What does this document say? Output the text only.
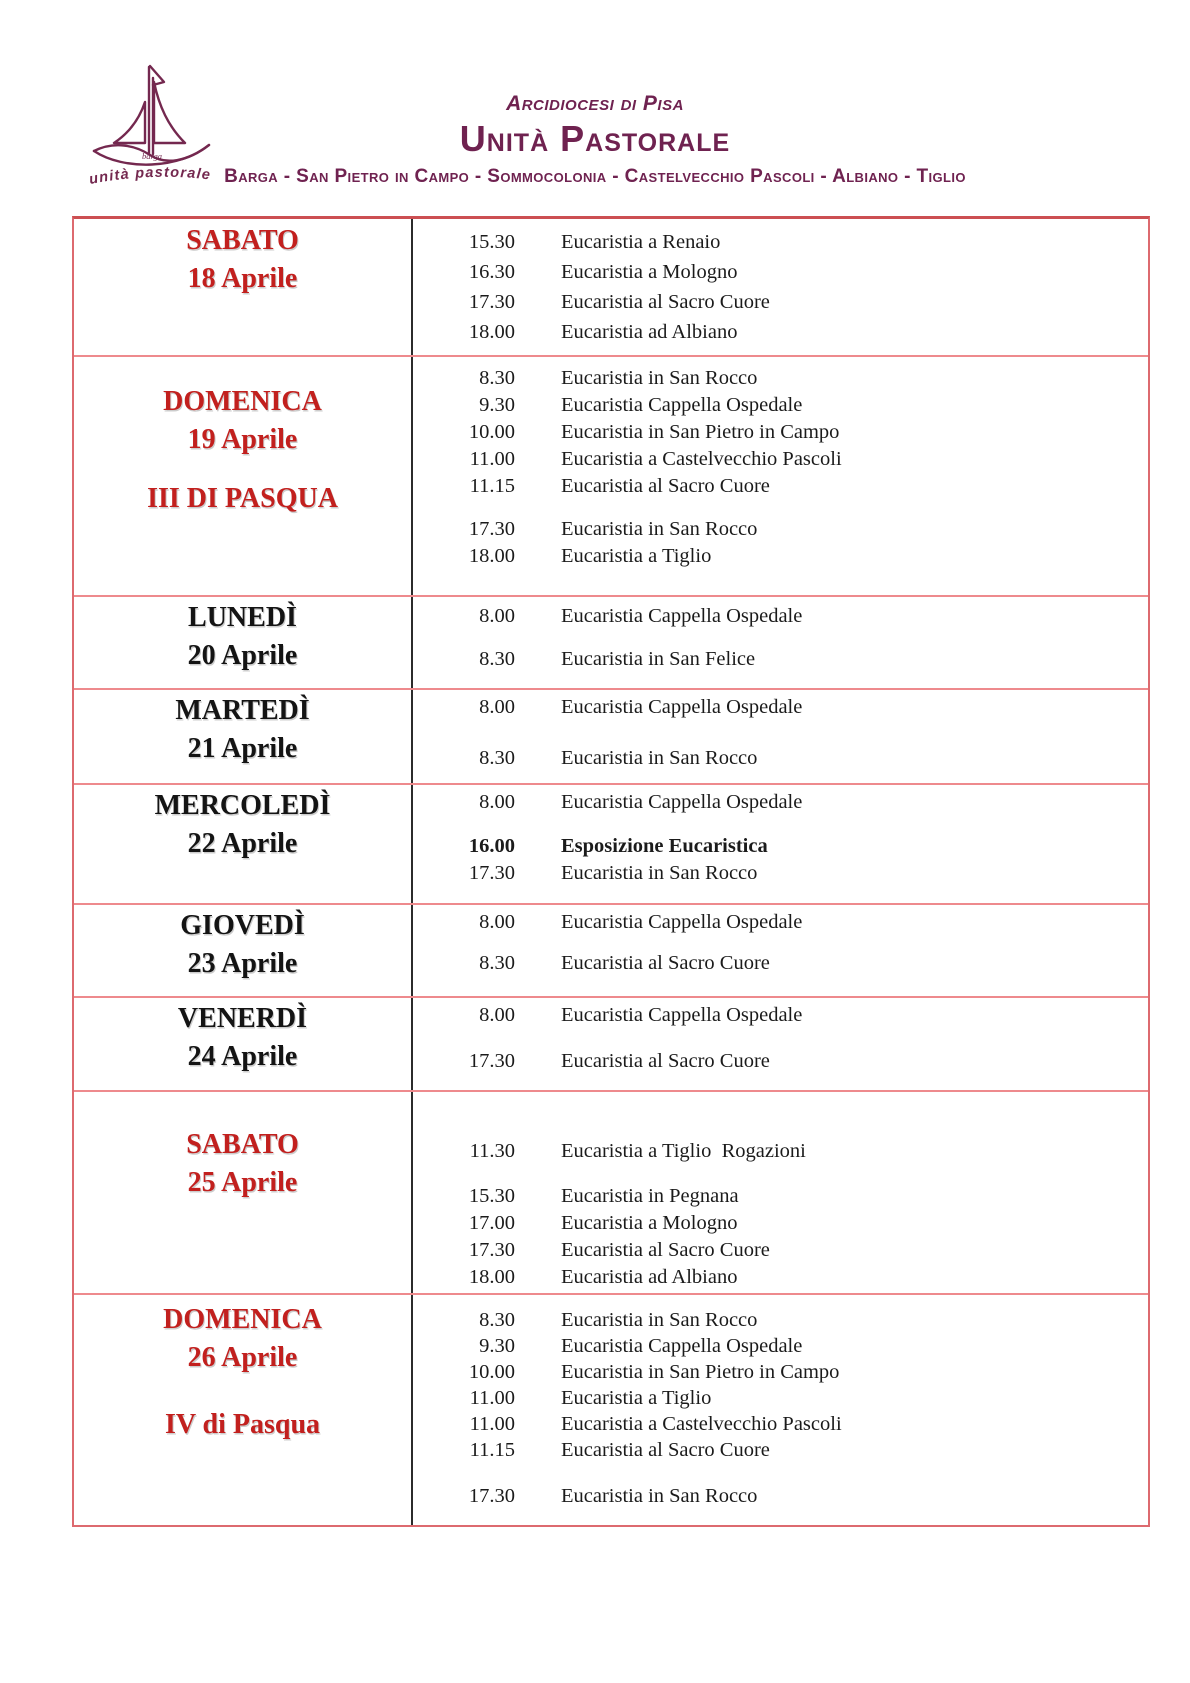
barga
unità pastorale
Arcidiocesi di Pisa
Unità Pastorale
Barga - San Pietro in Campo - Sommocolonia - Castelvecchio Pascoli - Albiano - Tiglio
SABATO
18 Aprile
15.30 Eucaristia a Renaio
16.30 Eucaristia a Mologno
17.30 Eucaristia al Sacro Cuore
18.00 Eucaristia ad Albiano
DOMENICA
19 Aprile
III DI PASQUA
8.30 Eucaristia in San Rocco
9.30 Eucaristia Cappella Ospedale
10.00 Eucaristia in San Pietro in Campo
11.00 Eucaristia a Castelvecchio Pascoli
11.15 Eucaristia al Sacro Cuore
17.30 Eucaristia in San Rocco
18.00 Eucaristia a Tiglio
LUNEDÌ
20 Aprile
8.00 Eucaristia Cappella Ospedale
8.30 Eucaristia in San Felice
MARTEDÌ
21 Aprile
8.00 Eucaristia Cappella Ospedale
8.30 Eucaristia in San Rocco
MERCOLEDÌ
22 Aprile
8.00 Eucaristia Cappella Ospedale
16.00 Esposizione Eucaristica
17.30 Eucaristia in San Rocco
GIOVEDÌ
23 Aprile
8.00 Eucaristia Cappella Ospedale
8.30 Eucaristia al Sacro Cuore
VENERDÌ
24 Aprile
8.00 Eucaristia Cappella Ospedale
17.30 Eucaristia al Sacro Cuore
SABATO
25 Aprile
11.30 Eucaristia a Tiglio  Rogazioni
15.30 Eucaristia in Pegnana
17.00 Eucaristia a Mologno
17.30 Eucaristia al Sacro Cuore
18.00 Eucaristia ad Albiano
DOMENICA
26 Aprile
IV di Pasqua
8.30 Eucaristia in San Rocco
9.30 Eucaristia Cappella Ospedale
10.00 Eucaristia in San Pietro in Campo
11.00 Eucaristia a Tiglio
11.00 Eucaristia a Castelvecchio Pascoli
11.15 Eucaristia al Sacro Cuore
17.30 Eucaristia in San Rocco
